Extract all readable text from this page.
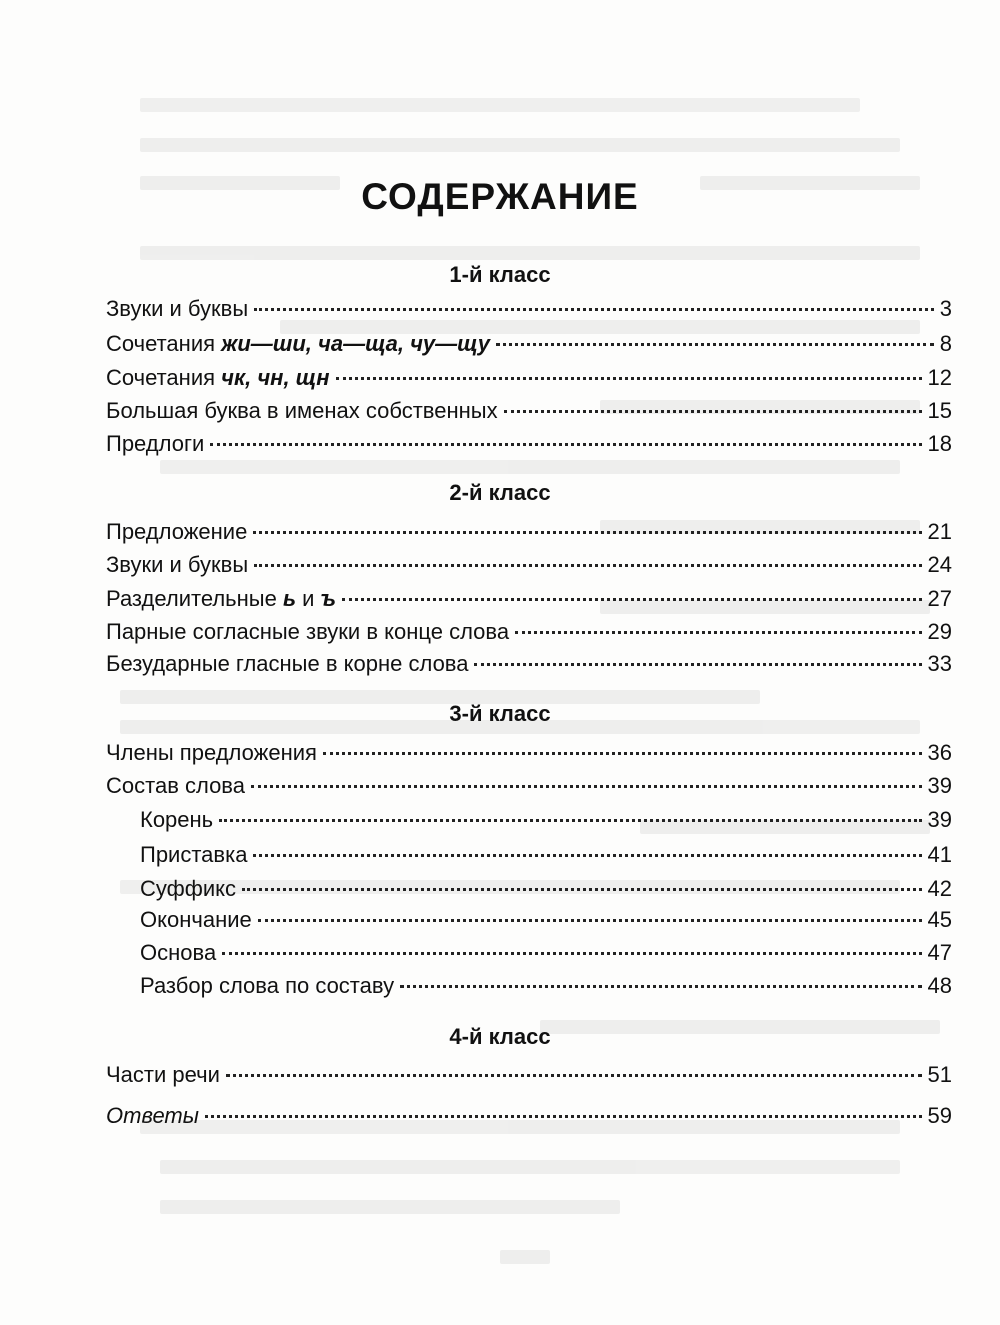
СОДЕРЖАНИЕ
1-й класс
Звуки и буквы	3
Сочетания жи—ши, ча—ща, чу—щу	8
Сочетания чк, чн, щн	12
Большая буква в именах собственных	15
Предлоги	18
2-й класс
Предложение	21
Звуки и буквы	24
Разделительные ь и ъ	27
Парные согласные звуки в конце слова	29
Безударные гласные в корне слова	33
3-й класс
Члены предложения	36
Состав слова	39
Корень	39
Приставка	41
Суффикс	42
Окончание	45
Основа	47
Разбор слова по составу	48
4-й класс
Части речи	51
Ответы	59
